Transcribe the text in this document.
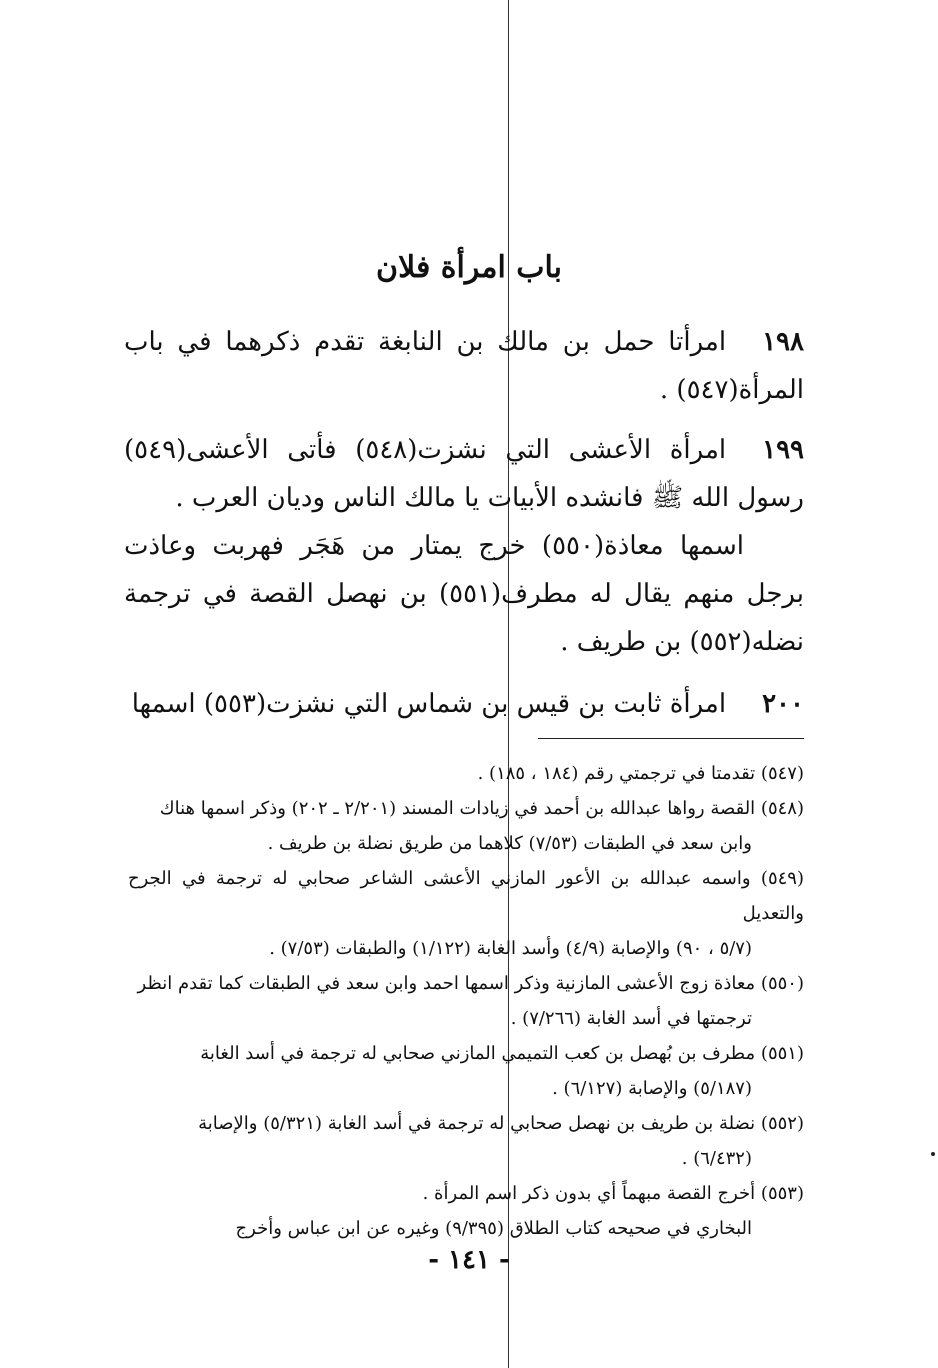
باب امرأة فلان

١٩٨امرأتا حمل بن مالك بن النابغة تقدم ذكرهما في باب المرأة(٥٤٧) .

١٩٩امرأة الأعشى التي نشزت(٥٤٨) فأتى الأعشى(٥٤٩) رسول الله ﷺ فانشده الأبيات يا مالك الناس وديان العرب .

اسمها معاذة(٥٥٠) خرج يمتار من هَجَر فهربت وعاذت برجل منهم يقال له مطرف(٥٥١) بن نهصل القصة في ترجمة نضله(٥٥٢) بن طريف .

٢٠٠امرأة ثابت بن قيس بن شماس التي نشزت(٥٥٣) اسمها

(٥٤٧) تقدمتا في ترجمتي رقم (١٨٤ ، ١٨٥) .

(٥٤٨) القصة رواها عبدالله بن أحمد في زيادات المسند (٢/٢٠١ ـ ٢٠٢) وذكر اسمها هناك
وابن سعد في الطبقات (٧/٥٣) كلاهما من طريق نضلة بن طريف .

(٥٤٩) واسمه عبدالله بن الأعور المازني الأعشى الشاعر صحابي له ترجمة في الجرح والتعديل
(٥/٧ ، ٩٠) والإصابة (٤/٩) وأسد الغابة (١/١٢٢) والطبقات (٧/٥٣) .

(٥٥٠) معاذة زوج الأعشى المازنية وذكر اسمها احمد وابن سعد في الطبقات كما تقدم انظر
ترجمتها في أسد الغابة (٧/٢٦٦) .

(٥٥١) مطرف بن بُهصل بن كعب التميمي المازني صحابي له ترجمة في أسد الغابة
(٥/١٨٧) والإصابة (٦/١٢٧) .

(٥٥٢) نضلة بن طريف بن نهصل صحابي له ترجمة في أسد الغابة (٥/٣٢١) والإصابة
(٦/٤٣٢) .

(٥٥٣) أخرج القصة مبهماً أي بدون ذكر اسم المرأة .

البخاري في صحيحه كتاب الطلاق (٩/٣٩٥) وغيره عن ابن عباس وأخرج

- ١٤١ -
